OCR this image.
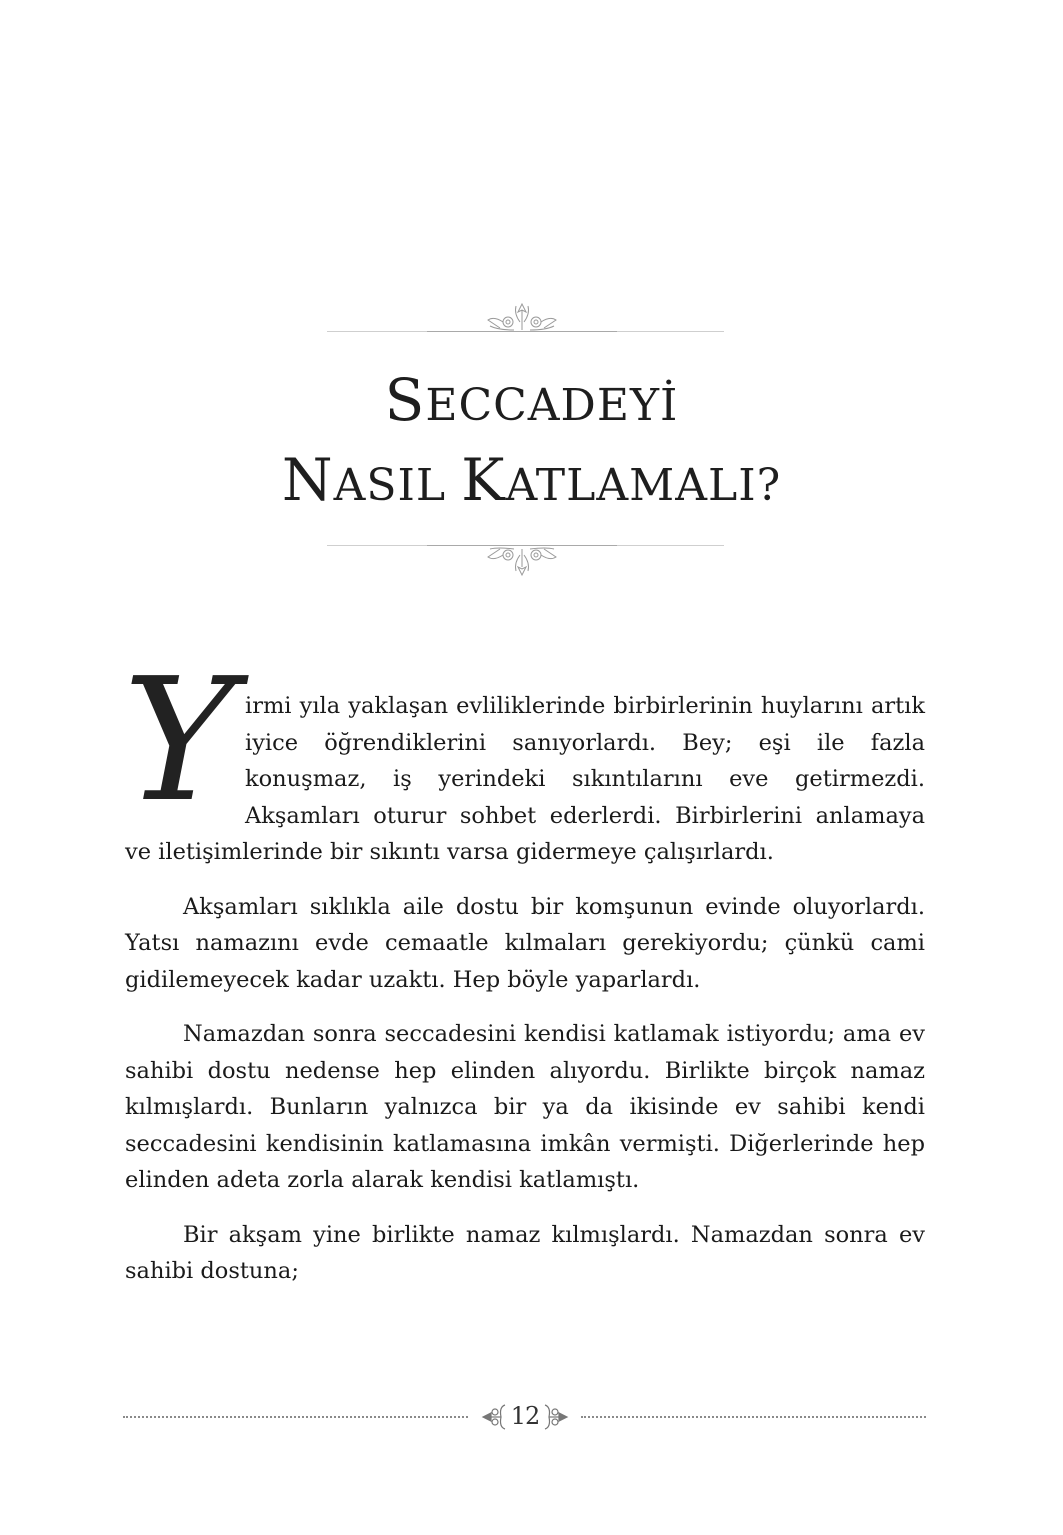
SECCADEYİ
NASIL KATLAMALI?

Y irmi yıla yaklaşan evliliklerinde birbirlerinin huylarını artık iyice öğrendiklerini sanıyorlardı. Bey; eşi ile fazla konuşmaz, iş yerindeki sıkıntılarını eve getirmezdi. Akşamları oturur sohbet ederlerdi. Birbirlerini anlamaya ve iletişimlerinde bir sıkıntı varsa gidermeye çalışırlardı.

Akşamları sıklıkla aile dostu bir komşunun evinde oluyorlardı. Yatsı namazını evde cemaatle kılmaları gerekiyordu; çünkü cami gidilemeyecek kadar uzaktı. Hep böyle yaparlardı.

Namazdan sonra seccadesini kendisi katlamak istiyordu; ama ev sahibi dostu nedense hep elinden alıyordu. Birlikte birçok namaz kılmışlardı. Bunların yalnızca bir ya da ikisinde ev sahibi kendi seccadesini kendisinin katlamasına imkân vermişti. Diğerlerinde hep elinden adeta zorla alarak kendisi katlamıştı.

Bir akşam yine birlikte namaz kılmışlardı. Namazdan sonra ev sahibi dostuna;

12
